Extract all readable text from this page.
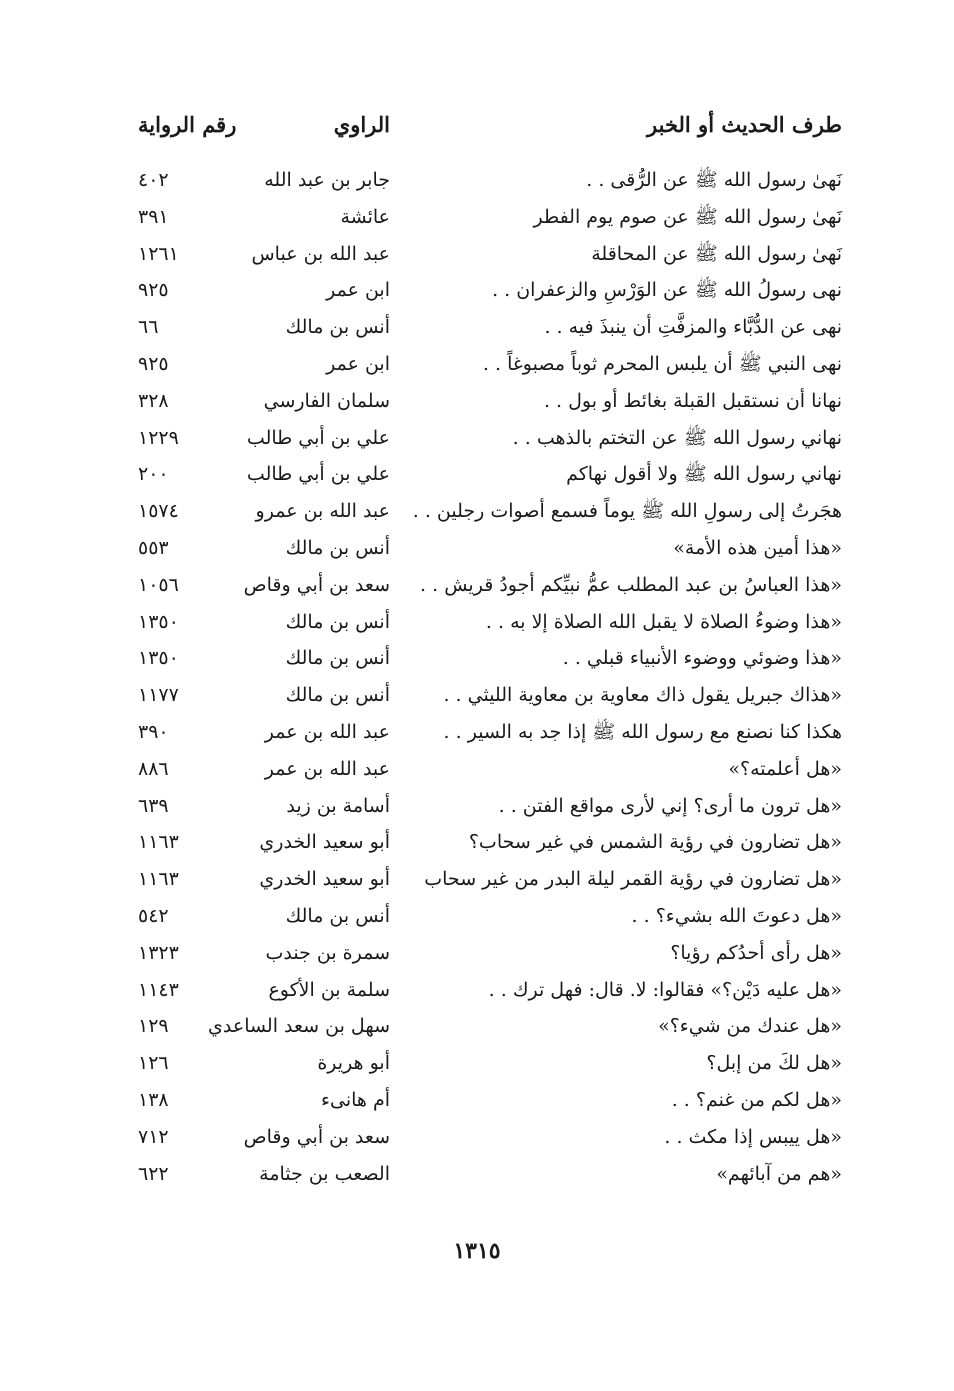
طرف الحديث أو الخبر
الراوي
رقم الرواية
نَهىٰ رسول الله ﷺ عن الرُّقى . .
جابر بن عبد الله
٤٠٢
نَهىٰ رسول الله ﷺ عن صوم يوم الفطر
عائشة
٣٩١
نَهىٰ رسول الله ﷺ عن المحاقلة
عبد الله بن عباس
١٢٦١
نهى رسولُ الله ﷺ عن الوَرْسِ والزعفران . .
ابن عمر
٩٢٥
نهى عن الدُّبَّاء والمزفَّتِ أن ينبذَ فيه . .
أنس بن مالك
٦٦
نهى النبي ﷺ أن يلبس المحرم ثوباً مصبوغاً . .
ابن عمر
٩٢٥
نهانا أن نستقبل القبلة بغائط أو بول . .
سلمان الفارسي
٣٢٨
نهاني رسول الله ﷺ عن التختم بالذهب . .
علي بن أبي طالب
١٢٢٩
نهاني رسول الله ﷺ ولا أقول نهاكم
علي بن أبي طالب
٢٠٠
هجَرتُ إلى رسولِ الله ﷺ يوماً فسمع أصوات رجلين . .
عبد الله بن عمرو
١٥٧٤
«هذا أمين هذه الأمة»
أنس بن مالك
٥٥٣
«هذا العباسُ بن عبد المطلب عمُّ نبيِّكم أجودُ قريش . .
سعد بن أبي وقاص
١٠٥٦
«هذا وضوءُ الصلاة لا يقبل الله الصلاة إلا به . .
أنس بن مالك
١٣٥٠
«هذا وضوئي ووضوء الأنبياء قبلي . .
أنس بن مالك
١٣٥٠
«هذاك جبريل يقول ذاك معاوية بن معاوية الليثي . .
أنس بن مالك
١١٧٧
هكذا كنا نصنع مع رسول الله ﷺ إذا جد به السير . .
عبد الله بن عمر
٣٩٠
«هل أعلمته؟»
عبد الله بن عمر
٨٨٦
«هل ترون ما أرى؟ إني لأرى مواقع الفتن . .
أسامة بن زيد
٦٣٩
«هل تضارون في رؤية الشمس في غير سحاب؟
أبو سعيد الخدري
١١٦٣
«هل تضارون في رؤية القمر ليلة البدر من غير سحاب
أبو سعيد الخدري
١١٦٣
«هل دعوتَ الله بشيء؟ . .
أنس بن مالك
٥٤٢
«هل رأى أحدُكم رؤيا؟
سمرة بن جندب
١٣٢٣
«هل عليه دَيْن؟» فقالوا: لا. قال: فهل ترك . .
سلمة بن الأكوع
١١٤٣
«هل عندك من شيء؟»
سهل بن سعد الساعدي
١٢٩
«هل لكَ من إبل؟
أبو هريرة
١٢٦
«هل لكم من غنم؟ . .
أم هانىء
١٣٨
«هل ييبس إذا مكث . .
سعد بن أبي وقاص
٧١٢
«هم من آبائهم»
الصعب بن جثامة
٦٢٢
١٣١٥
